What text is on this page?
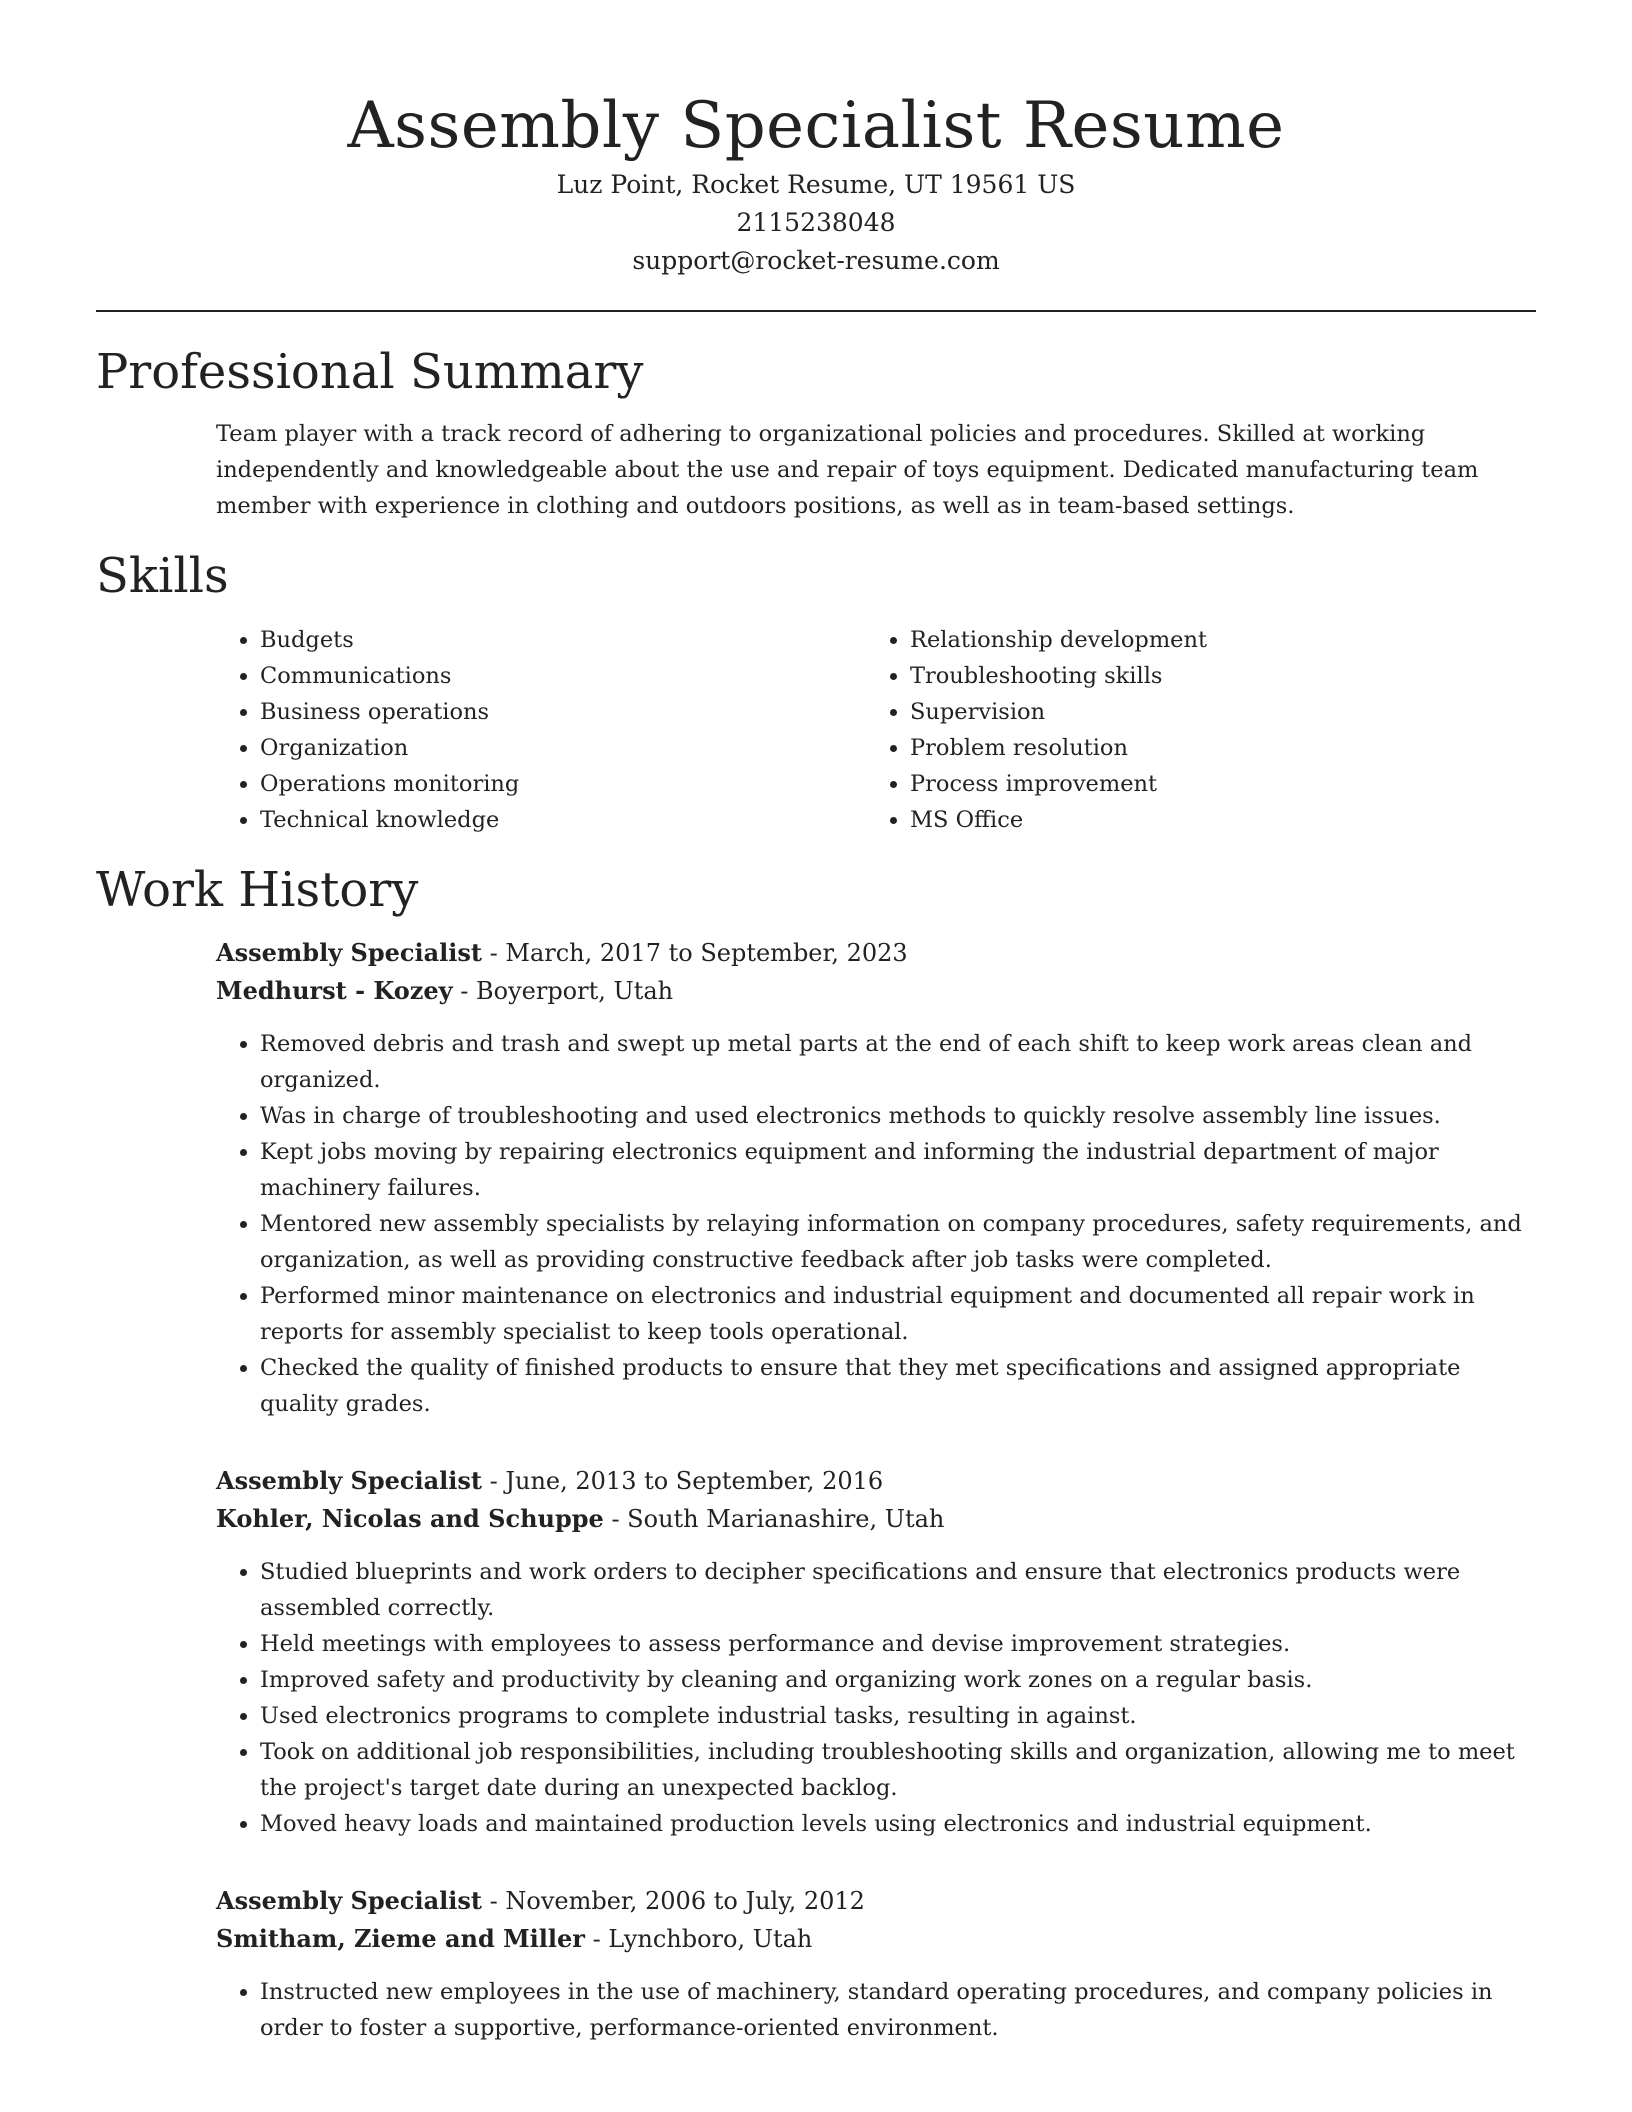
Assembly Specialist Resume
Luz Point, Rocket Resume, UT 19561 US
2115238048
support@rocket-resume.com
Professional Summary
Team player with a track record of adhering to organizational policies and procedures. Skilled at working independently and knowledgeable about the use and repair of toys equipment. Dedicated manufacturing team member with experience in clothing and outdoors positions, as well as in team-based settings.
Skills
• Budgets
• Communications
• Business operations
• Organization
• Operations monitoring
• Technical knowledge
• Relationship development
• Troubleshooting skills
• Supervision
• Problem resolution
• Process improvement
• MS Office
Work History
Assembly Specialist - March, 2017 to September, 2023
Medhurst - Kozey - Boyerport, Utah
• Removed debris and trash and swept up metal parts at the end of each shift to keep work areas clean and organized.
• Was in charge of troubleshooting and used electronics methods to quickly resolve assembly line issues.
• Kept jobs moving by repairing electronics equipment and informing the industrial department of major machinery failures.
• Mentored new assembly specialists by relaying information on company procedures, safety requirements, and organization, as well as providing constructive feedback after job tasks were completed.
• Performed minor maintenance on electronics and industrial equipment and documented all repair work in reports for assembly specialist to keep tools operational.
• Checked the quality of finished products to ensure that they met specifications and assigned appropriate quality grades.
Assembly Specialist - June, 2013 to September, 2016
Kohler, Nicolas and Schuppe - South Marianashire, Utah
• Studied blueprints and work orders to decipher specifications and ensure that electronics products were assembled correctly.
• Held meetings with employees to assess performance and devise improvement strategies.
• Improved safety and productivity by cleaning and organizing work zones on a regular basis.
• Used electronics programs to complete industrial tasks, resulting in against.
• Took on additional job responsibilities, including troubleshooting skills and organization, allowing me to meet the project's target date during an unexpected backlog.
• Moved heavy loads and maintained production levels using electronics and industrial equipment.
Assembly Specialist - November, 2006 to July, 2012
Smitham, Zieme and Miller - Lynchboro, Utah
• Instructed new employees in the use of machinery, standard operating procedures, and company policies in order to foster a supportive, performance-oriented environment.
